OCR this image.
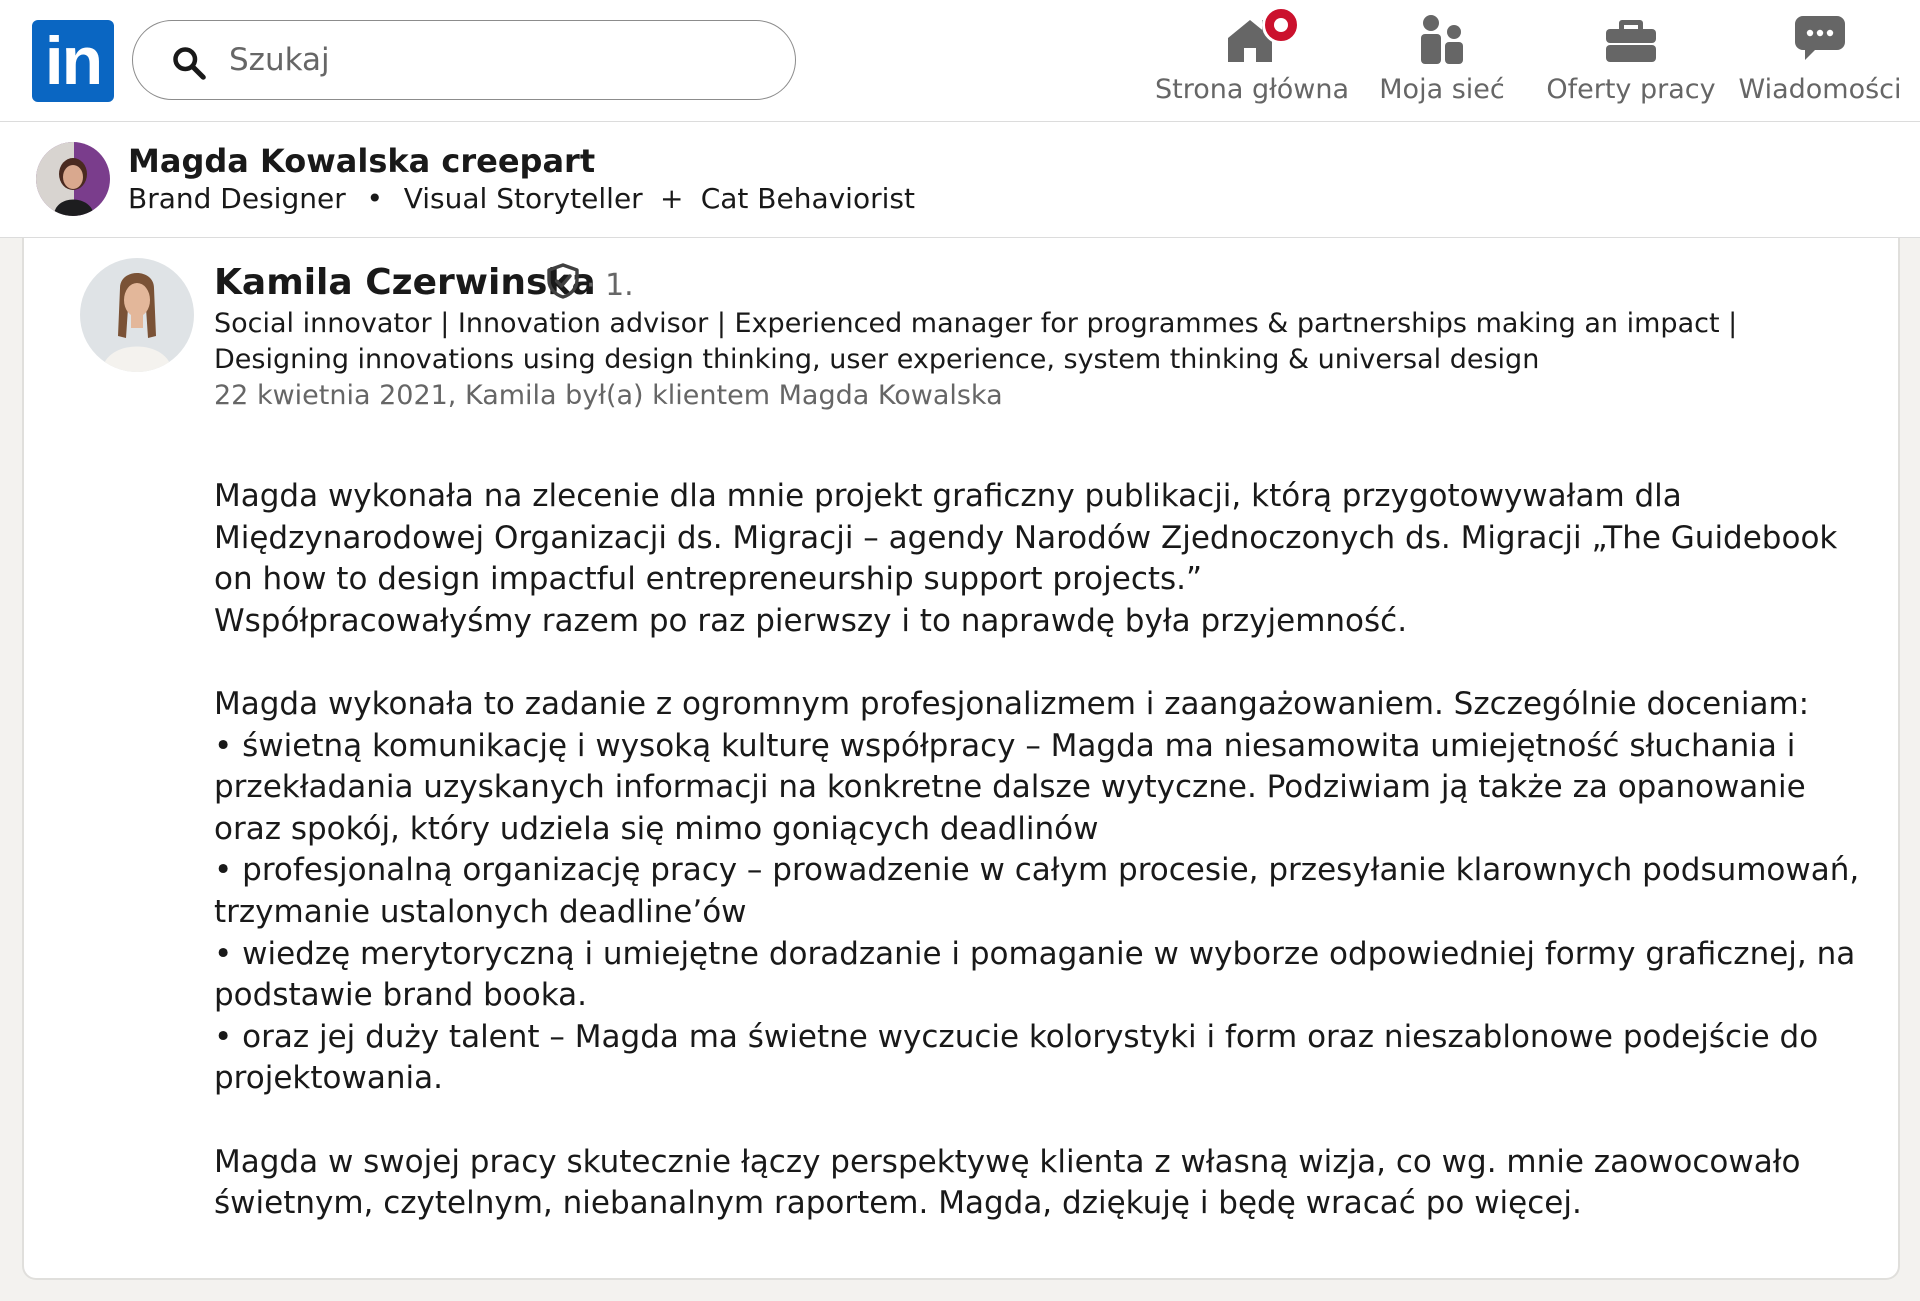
in
Szukaj	Strona główna	Moja sieć	Oferty pracy Wiadomości
Magda Kowalska creepart
Brand Designer • Visual Storyteller + Cat Behaviorist
Kamila Czerwinska
· 1.
Social innovator | Innovation advisor | Experienced manager for programmes & partnerships making an impact | Designing innovations using design thinking, user experience, system thinking & universal design
22 kwietnia 2021, Kamila był(a) klientem Magda Kowalska

Magda wykonała na zlecenie dla mnie projekt graficzny publikacji, którą przygotowywałam dla Międzynarodowej Organizacji ds. Migracji – agendy Narodów Zjednoczonych ds. Migracji „The Guidebook on how to design impactful entrepreneurship support projects.”
Współpracowałyśmy razem po raz pierwszy i to naprawdę była przyjemność.

Magda wykonała to zadanie z ogromnym profesjonalizmem i zaangażowaniem. Szczególnie doceniam:
• świetną komunikację i wysoką kulturę współpracy – Magda ma niesamowita umiejętność słuchania i przekładania uzyskanych informacji na konkretne dalsze wytyczne. Podziwiam ją także za opanowanie oraz spokój, który udziela się mimo goniących deadlinów
• profesjonalną organizację pracy – prowadzenie w całym procesie, przesyłanie klarownych podsumowań, trzymanie ustalonych deadline’ów
• wiedzę merytoryczną i umiejętne doradzanie i pomaganie w wyborze odpowiedniej formy graficznej, na podstawie brand booka.
• oraz jej duży talent – Magda ma świetne wyczucie kolorystyki i form oraz nieszablonowe podejście do projektowania.

Magda w swojej pracy skutecznie łączy perspektywę klienta z własną wizja, co wg. mnie zaowocowało świetnym, czytelnym, niebanalnym raportem. Magda, dziękuję i będę wracać po więcej.
